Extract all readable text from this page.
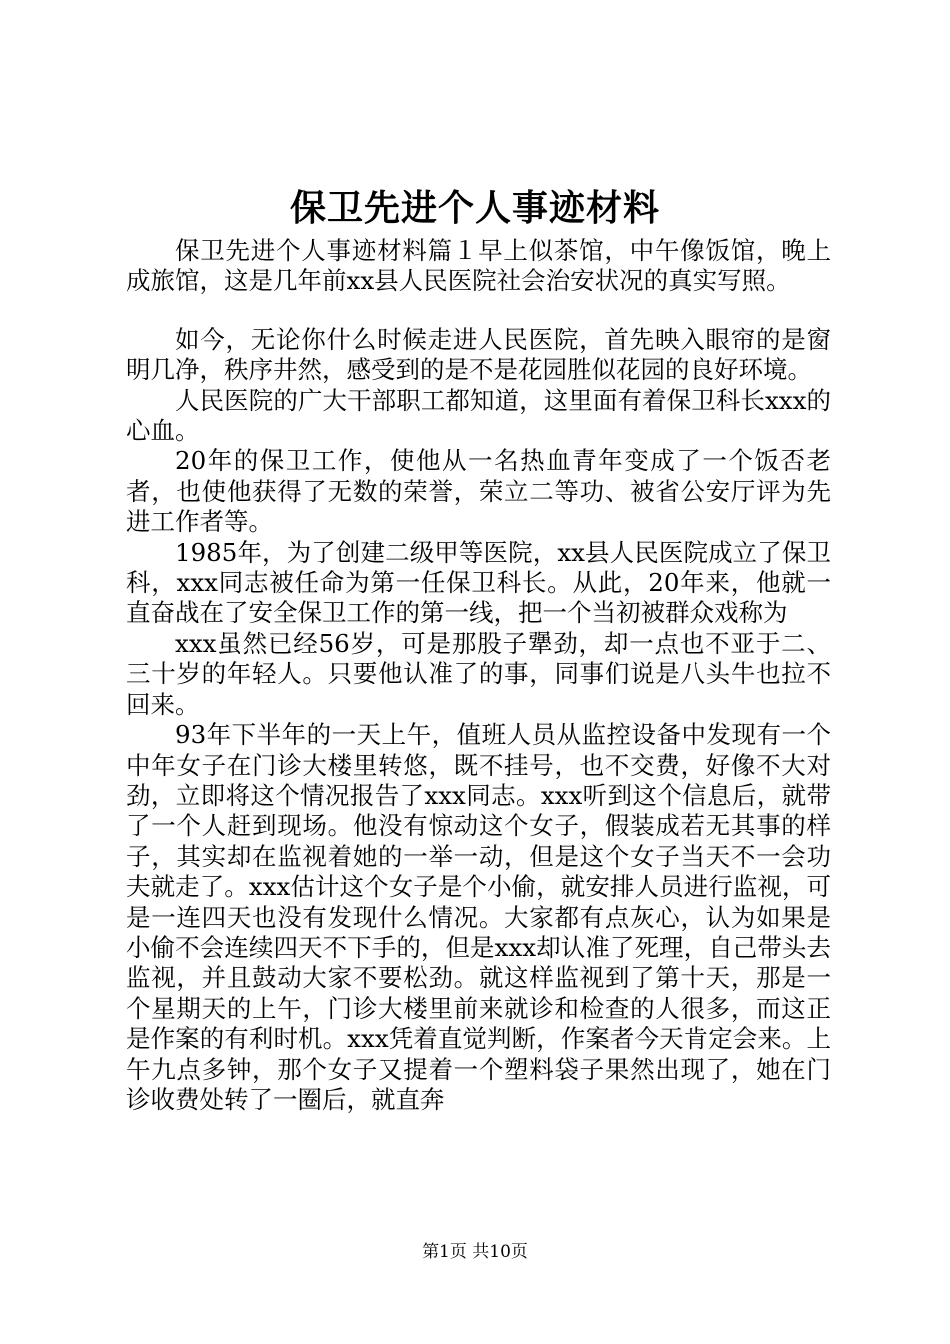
保卫先进个人事迹材料

保卫先进个人事迹材料篇１早上似茶馆，中午像饭馆，晚上成旅馆，这是几年前xx县人民医院社会治安状况的真实写照。

如今，无论你什么时候走进人民医院，首先映入眼帘的是窗明几净，秩序井然，感受到的是不是花园胜似花园的良好环境。

人民医院的广大干部职工都知道，这里面有着保卫科长xxx的心血。

20年的保卫工作，使他从一名热血青年变成了一个饭否老者，也使他获得了无数的荣誉，荣立二等功、被省公安厅评为先进工作者等。

1985年，为了创建二级甲等医院，xx县人民医院成立了保卫科，xxx同志被任命为第一任保卫科长。从此，20年来，他就一直奋战在了安全保卫工作的第一线，把一个当初被群众戏称为

xxx虽然已经56岁，可是那股子犟劲，却一点也不亚于二、三十岁的年轻人。只要他认准了的事，同事们说是八头牛也拉不回来。

93年下半年的一天上午，值班人员从监控设备中发现有一个中年女子在门诊大楼里转悠，既不挂号，也不交费，好像不大对劲，立即将这个情况报告了xxx同志。xxx听到这个信息后，就带了一个人赶到现场。他没有惊动这个女子，假装成若无其事的样子，其实却在监视着她的一举一动，但是这个女子当天不一会功夫就走了。xxx估计这个女子是个小偷，就安排人员进行监视，可是一连四天也没有发现什么情况。大家都有点灰心，认为如果是小偷不会连续四天不下手的，但是xxx却认准了死理，自己带头去监视，并且鼓动大家不要松劲。就这样监视到了第十天，那是一个星期天的上午，门诊大楼里前来就诊和检查的人很多，而这正是作案的有利时机。xxx凭着直觉判断，作案者今天肯定会来。上午九点多钟，那个女子又提着一个塑料袋子果然出现了，她在门诊收费处转了一圈后，就直奔

第1页 共10页
